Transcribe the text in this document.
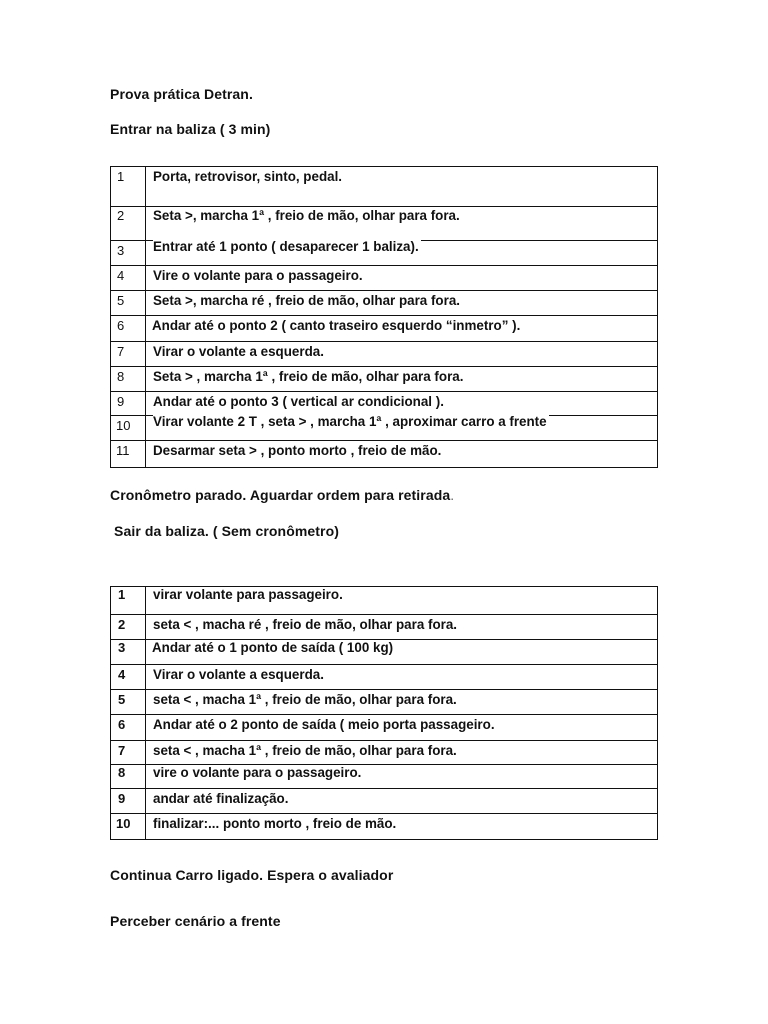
Prova prática Detran.
Entrar na baliza ( 3 min)
1 Porta, retrovisor, sinto, pedal.
2 Seta >, marcha 1ª , freio de mão, olhar para fora.
3 Entrar até 1 ponto ( desaparecer 1 baliza).
4 Vire o volante para o passageiro.
5 Seta >, marcha ré , freio de mão, olhar para fora.
6 Andar até o ponto 2 ( canto traseiro esquerdo “inmetro” ).
7 Virar o volante a esquerda.
8 Seta > , marcha 1ª , freio de mão, olhar para fora.
9 Andar até o ponto 3 ( vertical ar condicional ).
10 Virar volante 2 T , seta > , marcha 1ª , aproximar carro a frente
11 Desarmar seta > , ponto morto , freio de mão.
Cronômetro parado. Aguardar ordem para retirada.
Sair da baliza. ( Sem cronômetro)
1 virar volante para passageiro.
2 seta < , macha ré , freio de mão, olhar para fora.
3 Andar até o 1 ponto de saída ( 100 kg)
4 Virar o volante a esquerda.
5 seta < , macha 1ª , freio de mão, olhar para fora.
6 Andar até o 2 ponto de saída ( meio porta passageiro.
7 seta < , macha 1ª , freio de mão, olhar para fora.
8 vire o volante para o passageiro.
9 andar até finalização.
10 finalizar:... ponto morto , freio de mão.
Continua Carro ligado. Espera o avaliador
Perceber cenário a frente
